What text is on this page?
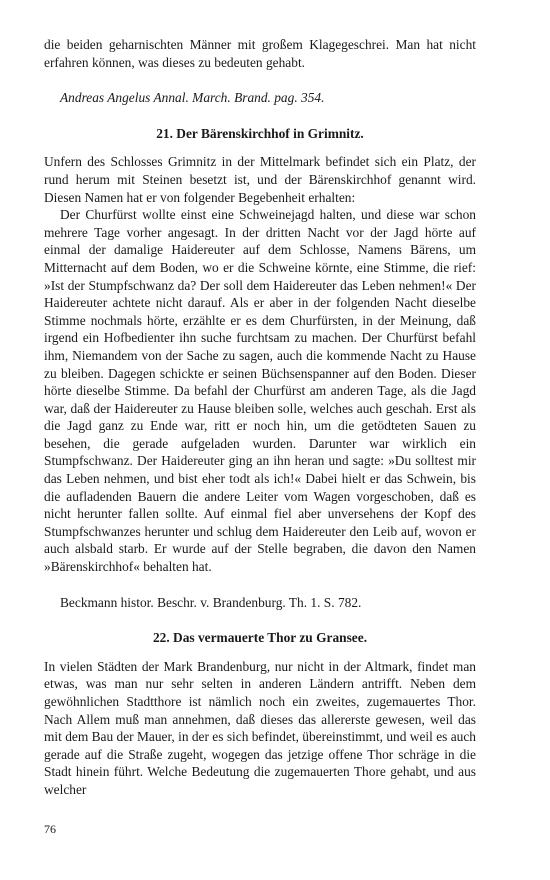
die beiden geharnischten Männer mit großem Klagegeschrei. Man hat nicht erfahren können, was dieses zu bedeuten gehabt.

Andreas Angelus Annal. March. Brand. pag. 354.

21. Der Bärenskirchhof in Grimnitz.

Unfern des Schlosses Grimnitz in der Mittelmark befindet sich ein Platz, der rund herum mit Steinen besetzt ist, und der Bärenskirchhof genannt wird. Diesen Namen hat er von folgender Begebenheit erhalten:

Der Churfürst wollte einst eine Schweinejagd halten, und diese war schon mehrere Tage vorher angesagt. In der dritten Nacht vor der Jagd hörte auf einmal der damalige Haidereuter auf dem Schlosse, Namens Bärens, um Mitternacht auf dem Boden, wo er die Schweine körnte, eine Stimme, die rief: »Ist der Stumpfschwanz da? Der soll dem Haidereuter das Leben nehmen!« Der Haidereuter achtete nicht darauf. Als er aber in der folgenden Nacht dieselbe Stimme nochmals hörte, erzählte er es dem Churfürsten, in der Meinung, daß irgend ein Hofbedienter ihn suche furchtsam zu machen. Der Churfürst befahl ihm, Niemandem von der Sache zu sagen, auch die kommende Nacht zu Hause zu bleiben. Dagegen schickte er seinen Büchsenspanner auf den Boden. Dieser hörte dieselbe Stimme. Da befahl der Churfürst am anderen Tage, als die Jagd war, daß der Haidereuter zu Hause bleiben solle, welches auch geschah. Erst als die Jagd ganz zu Ende war, ritt er noch hin, um die getödteten Sauen zu besehen, die gerade aufgeladen wurden. Darunter war wirklich ein Stumpfschwanz. Der Haidereuter ging an ihn heran und sagte: »Du solltest mir das Leben nehmen, und bist eher todt als ich!« Dabei hielt er das Schwein, bis die aufladenden Bauern die andere Leiter vom Wagen vorgeschoben, daß es nicht herunter fallen sollte. Auf einmal fiel aber unversehens der Kopf des Stumpfschwanzes herunter und schlug dem Haidereuter den Leib auf, wovon er auch alsbald starb. Er wurde auf der Stelle begraben, die davon den Namen »Bärenskirchhof« behalten hat.

Beckmann histor. Beschr. v. Brandenburg. Th. 1. S. 782.

22. Das vermauerte Thor zu Gransee.

In vielen Städten der Mark Brandenburg, nur nicht in der Altmark, findet man etwas, was man nur sehr selten in anderen Ländern antrifft. Neben dem gewöhnlichen Stadtthore ist nämlich noch ein zweites, zugemauertes Thor. Nach Allem muß man annehmen, daß dieses das allererste gewesen, weil das mit dem Bau der Mauer, in der es sich befindet, übereinstimmt, und weil es auch gerade auf die Straße zugeht, wogegen das jetzige offene Thor schräge in die Stadt hinein führt. Welche Bedeutung die zugemauerten Thore gehabt, und aus welcher

76
